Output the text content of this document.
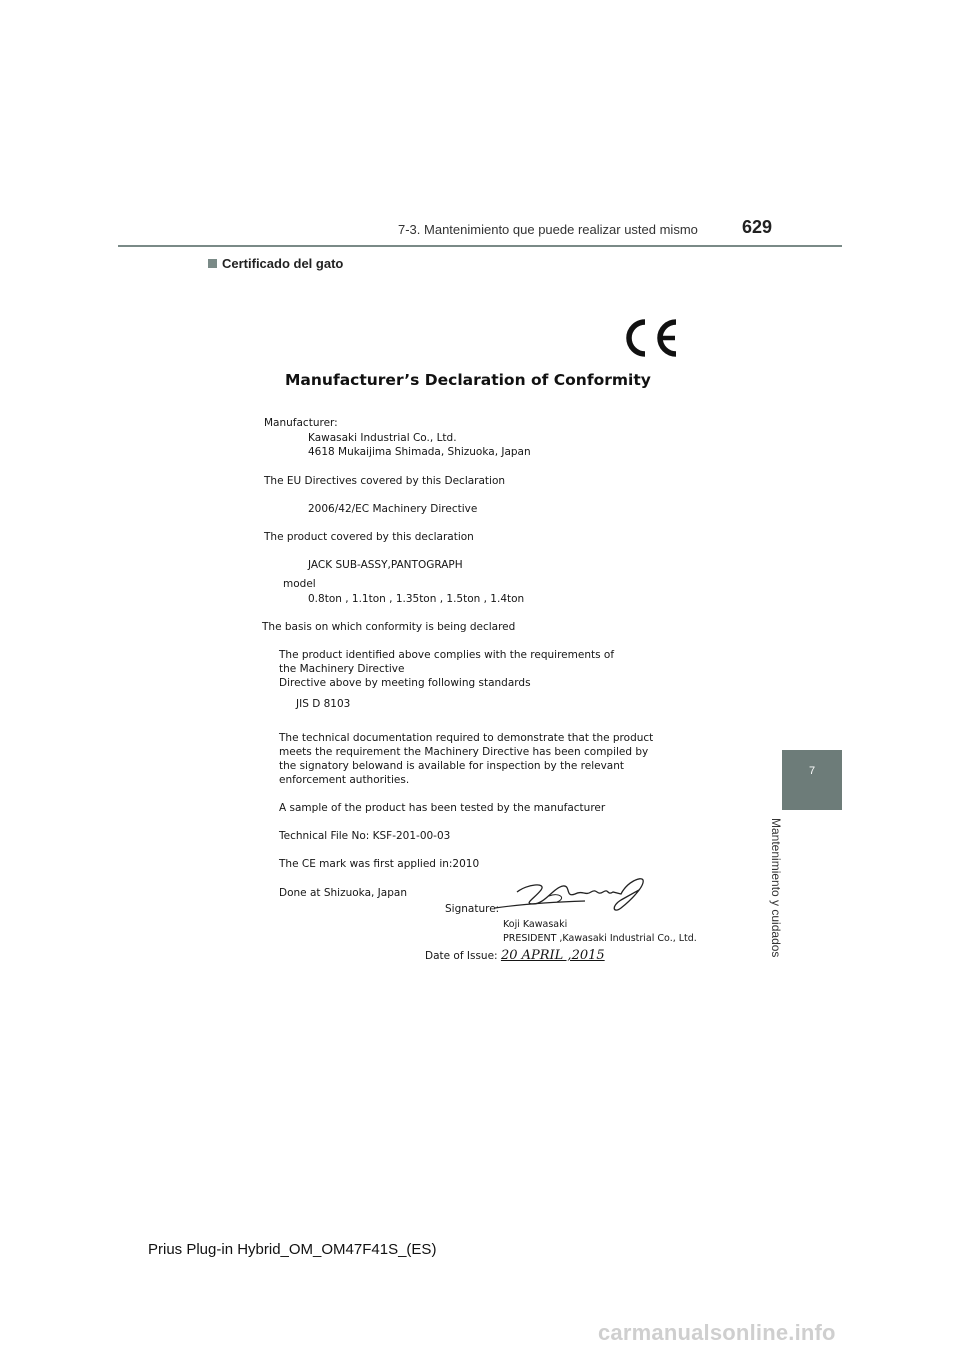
7-3. Mantenimiento que puede realizar usted mismo 629
Certificado del gato
7
Mantenimiento y cuidados
Manufacturer’s Declaration of Conformity
Manufacturer:
Kawasaki Industrial Co., Ltd.
4618 Mukaijima Shimada, Shizuoka, Japan
The EU Directives covered by this Declaration
2006/42/EC Machinery Directive
The product covered by this declaration
JACK SUB-ASSY,PANTOGRAPH
model
0.8ton , 1.1ton , 1.35ton , 1.5ton , 1.4ton
The basis on which conformity is being declared
The product identified above complies with the requirements of
the Machinery Directive
Directive above by meeting following standards
JIS D 8103
The technical documentation required to demonstrate that the product
meets the requirement the Machinery Directive has been compiled by
the signatory belowand is available for inspection by the relevant
enforcement authorities.
A sample of the product has been tested by the manufacturer
Technical File No: KSF-201-00-03
The CE mark was first applied in:2010
Done at Shizuoka, Japan
Signature:
Koji Kawasaki
PRESIDENT ,Kawasaki Industrial Co., Ltd.
Date of Issue: 20 APRIL ,2015
Prius Plug-in Hybrid_OM_OM47F41S_(ES)
carmanualsonline.info
